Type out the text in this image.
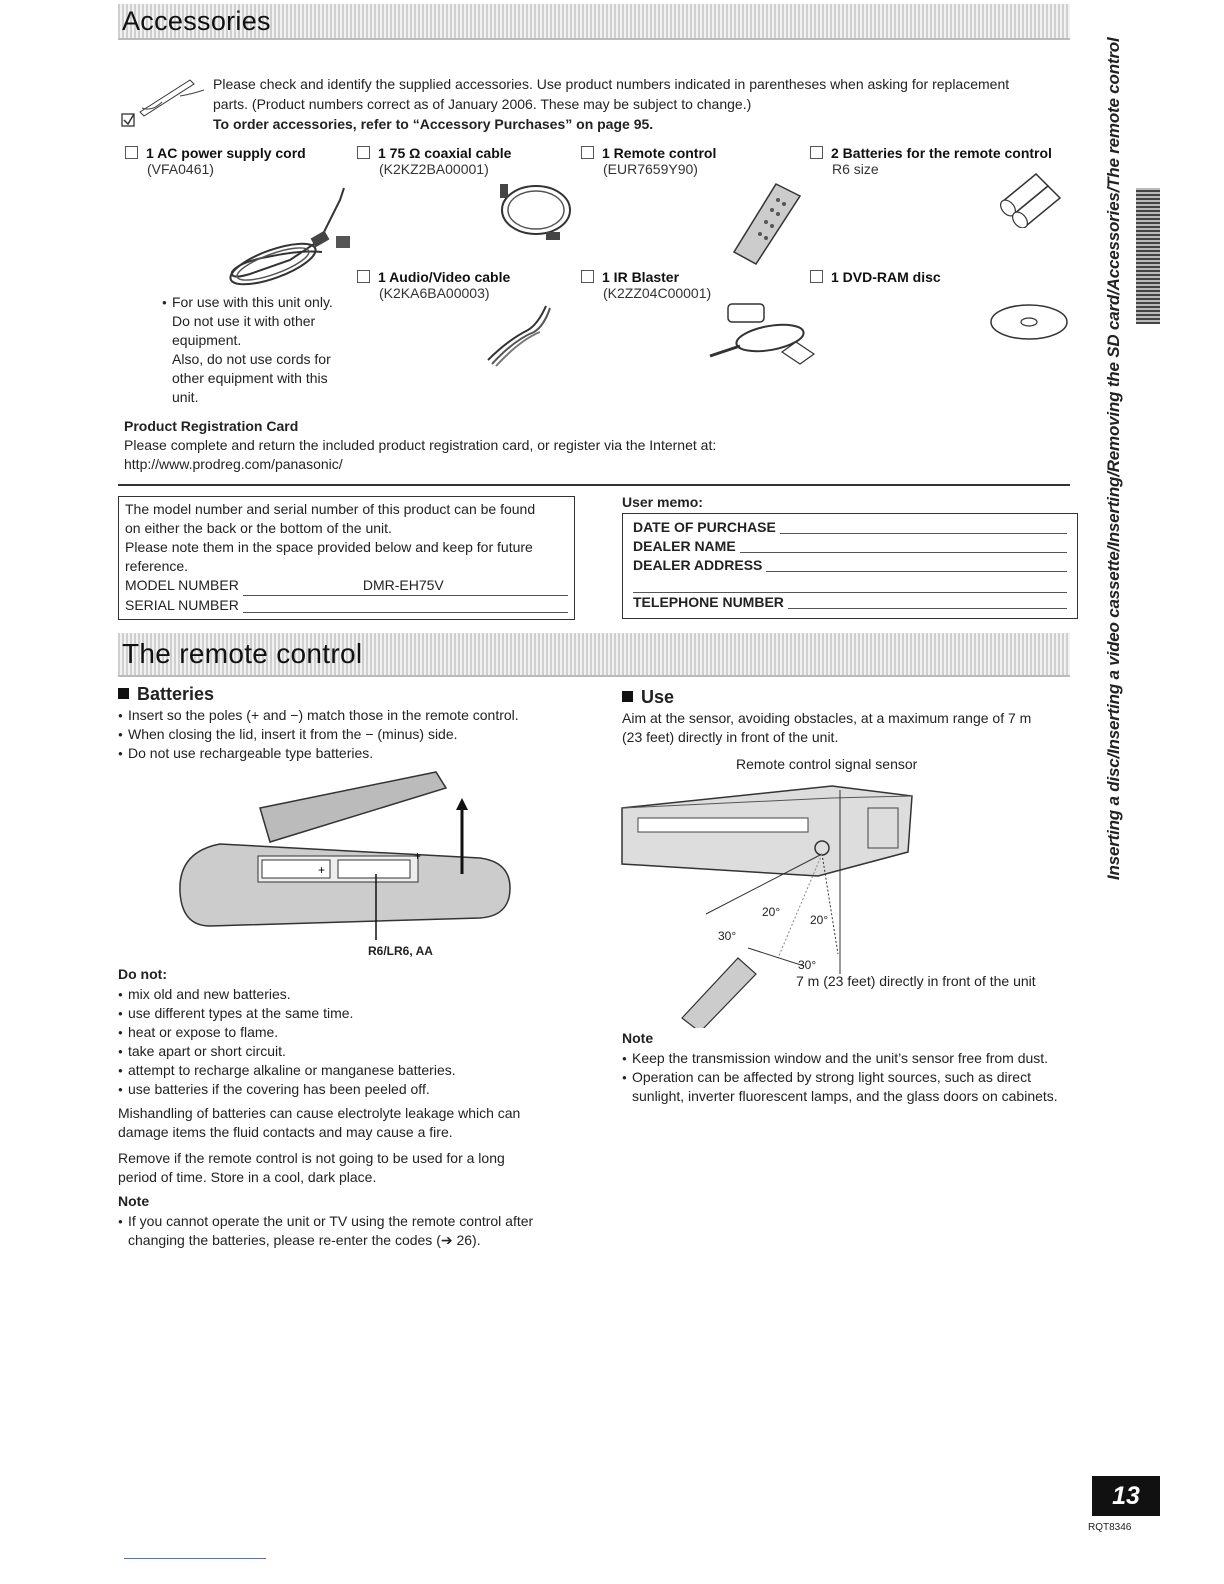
Accessories
Please check and identify the supplied accessories. Use product numbers indicated in parentheses when asking for replacement
parts. (Product numbers correct as of January 2006. These may be subject to change.)
To order accessories, refer to “Accessory Purchases” on page 95.
1 AC power supply cord
(VFA0461)
1 75 Ω coaxial cable
(K2KZ2BA00001)
1 Remote control
(EUR7659Y90)
2 Batteries for the remote control
R6 size
1 Audio/Video cable
(K2KA6BA00003)
1 IR Blaster
(K2ZZ04C00001)
1 DVD-RAM disc
● For use with this unit only.
Do not use it with other
equipment.
Also, do not use cords for
other equipment with this
unit.
Product Registration Card
Please complete and return the included product registration card, or register via the Internet at:
http://www.prodreg.com/panasonic/
The model number and serial number of this product can be found
on either the back or the bottom of the unit.
Please note them in the space provided below and keep for future
reference.
MODEL NUMBER	DMR-EH75V
SERIAL NUMBER
User memo:
DATE OF PURCHASE
DEALER NAME
DEALER ADDRESS
TELEPHONE NUMBER
The remote control
Batteries
● Insert so the poles (+ and −) match those in the remote control.
● When closing the lid, insert it from the − (minus) side.
● Do not use rechargeable type batteries.
+
+
R6/LR6, AA
Do not:
● mix old and new batteries.
● use different types at the same time.
● heat or expose to flame.
● take apart or short circuit.
● attempt to recharge alkaline or manganese batteries.
● use batteries if the covering has been peeled off.
Mishandling of batteries can cause electrolyte leakage which can
damage items the fluid contacts and may cause a fire.
Remove if the remote control is not going to be used for a long
period of time. Store in a cool, dark place.
Note
● If you cannot operate the unit or TV using the remote control after
changing the batteries, please re-enter the codes (➔ 26).
Use
Aim at the sensor, avoiding obstacles, at a maximum range of 7 m
(23 feet) directly in front of the unit.
Remote control signal sensor
20°
20°
30°
30°
7 m (23 feet) directly in front of the unit
Note
● Keep the transmission window and the unit’s sensor free from dust.
● Operation can be affected by strong light sources, such as direct sunlight, inverter fluorescent lamps, and the glass doors on cabinets.
Inserting a disc/Inserting a video cassette/Inserting/Removing the SD card/Accessories/The remote control
13
RQT8346
